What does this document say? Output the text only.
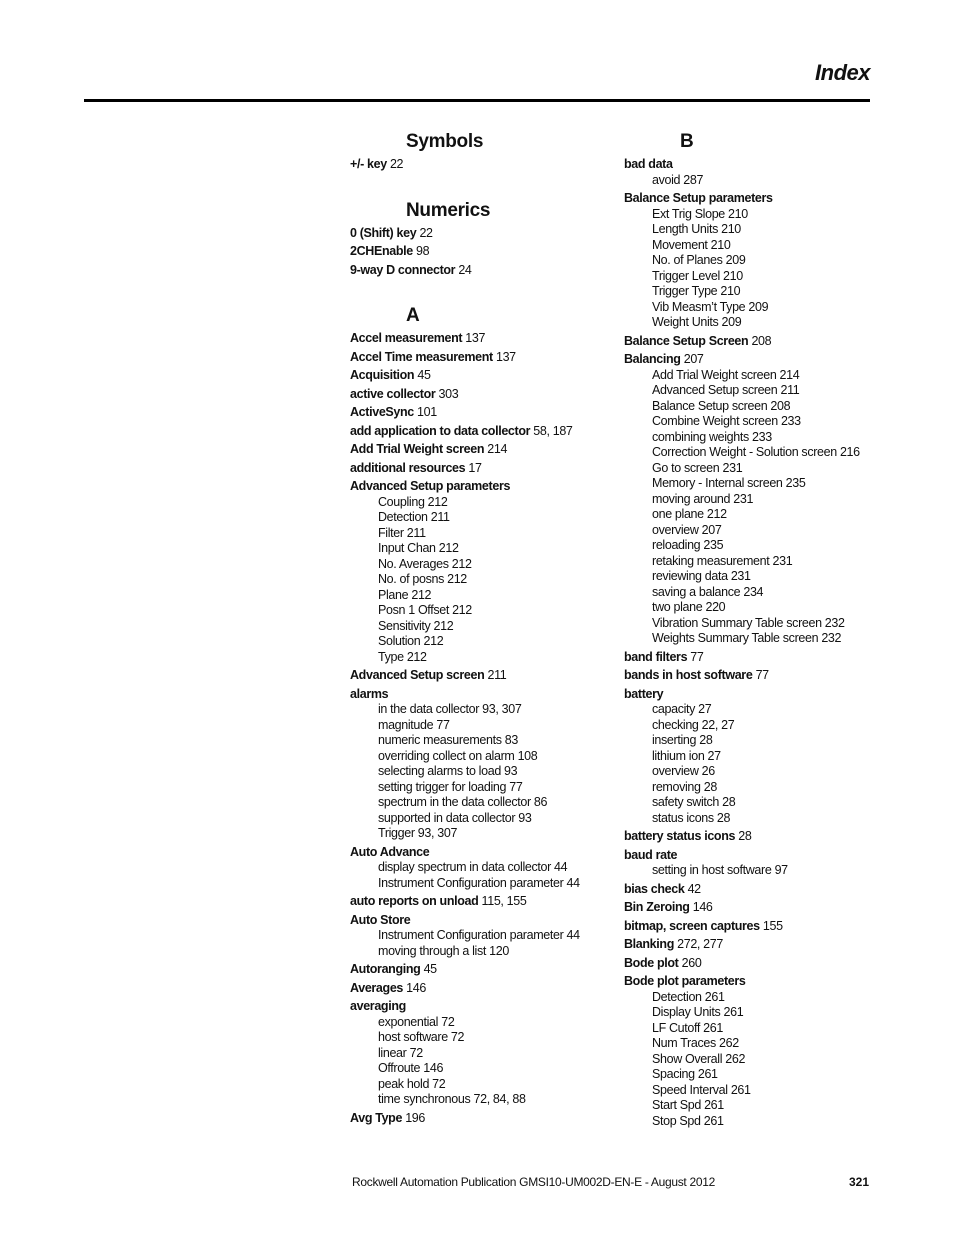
Index
Symbols
+/- key 22
Numerics
0 (Shift) key 22
2CHEnable 98
9-way D connector 24
A
Accel measurement 137
Accel Time measurement 137
Acquisition 45
active collector 303
ActiveSync 101
add application to data collector 58, 187
Add Trial Weight screen 214
additional resources 17
Advanced Setup parameters
Coupling 212
Detection 211
Filter 211
Input Chan 212
No. Averages 212
No. of posns 212
Plane 212
Posn 1 Offset 212
Sensitivity 212
Solution 212
Type 212
Advanced Setup screen 211
alarms
in the data collector 93, 307
magnitude 77
numeric measurements 83
overriding collect on alarm 108
selecting alarms to load 93
setting trigger for loading 77
spectrum in the data collector 86
supported in data collector 93
Trigger 93, 307
Auto Advance
display spectrum in data collector 44
Instrument Configuration parameter 44
auto reports on unload 115, 155
Auto Store
Instrument Configuration parameter 44
moving through a list 120
Autoranging 45
Averages 146
averaging
exponential 72
host software 72
linear 72
Offroute 146
peak hold 72
time synchronous 72, 84, 88
Avg Type 196
B
bad data
avoid 287
Balance Setup parameters
Ext Trig Slope 210
Length Units 210
Movement 210
No. of Planes 209
Trigger Level 210
Trigger Type 210
Vib Measm’t Type 209
Weight Units 209
Balance Setup Screen 208
Balancing 207
Add Trial Weight screen 214
Advanced Setup screen 211
Balance Setup screen 208
Combine Weight screen 233
combining weights 233
Correction Weight - Solution screen 216
Go to screen 231
Memory - Internal screen 235
moving around 231
one plane 212
overview 207
reloading 235
retaking measurement 231
reviewing data 231
saving a balance 234
two plane 220
Vibration Summary Table screen 232
Weights Summary Table screen 232
band filters 77
bands in host software 77
battery
capacity 27
checking 22, 27
inserting 28
lithium ion 27
overview 26
removing 28
safety switch 28
status icons 28
battery status icons 28
baud rate
setting in host software 97
bias check 42
Bin Zeroing 146
bitmap, screen captures 155
Blanking 272, 277
Bode plot 260
Bode plot parameters
Detection 261
Display Units 261
LF Cutoff 261
Num Traces 262
Show Overall 262
Spacing 261
Speed Interval 261
Start Spd 261
Stop Spd 261
Rockwell Automation Publication GMSI10-UM002D-EN-E - August 2012	321
